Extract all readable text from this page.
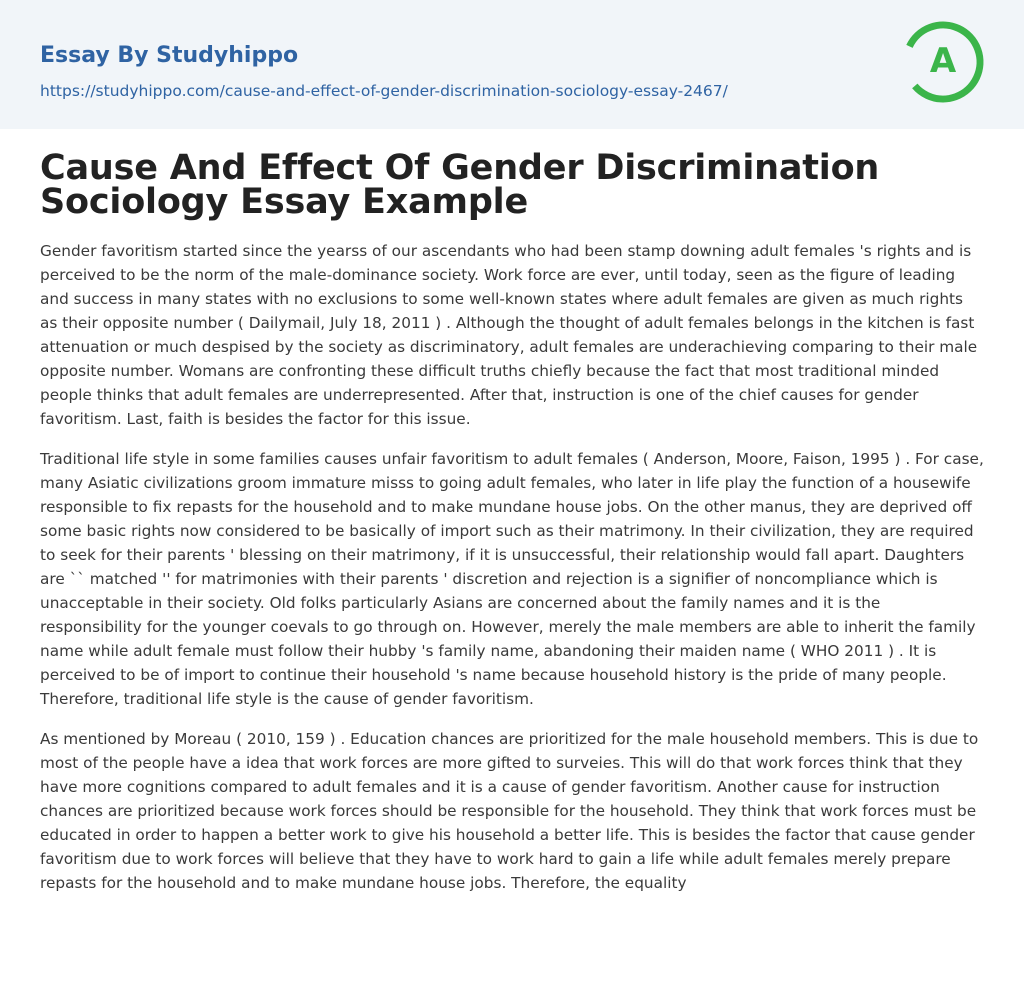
Essay By Studyhippo
https://studyhippo.com/cause-and-effect-of-gender-discrimination-sociology-essay-2467/
A
Cause And Effect Of Gender Discrimination Sociology Essay Example

Gender favoritism started since the yearss of our ascendants who had been stamp downing adult females 's rights and is perceived to be the norm of the male-dominance society. Work force are ever, until today, seen as the figure of leading and success in many states with no exclusions to some well-known states where adult females are given as much rights as their opposite number ( Dailymail, July 18, 2011 ) . Although the thought of adult females belongs in the kitchen is fast attenuation or much despised by the society as discriminatory, adult females are underachieving comparing to their male opposite number. Womans are confronting these difficult truths chiefly because the fact that most traditional minded people thinks that adult females are underrepresented. After that, instruction is one of the chief causes for gender favoritism. Last, faith is besides the factor for this issue.

Traditional life style in some families causes unfair favoritism to adult females ( Anderson, Moore, Faison, 1995 ) . For case, many Asiatic civilizations groom immature misss to going adult females, who later in life play the function of a housewife responsible to fix repasts for the household and to make mundane house jobs. On the other manus, they are deprived off some basic rights now considered to be basically of import such as their matrimony. In their civilization, they are required to seek for their parents ' blessing on their matrimony, if it is unsuccessful, their relationship would fall apart. Daughters are `` matched '' for matrimonies with their parents ' discretion and rejection is a signifier of noncompliance which is unacceptable in their society. Old folks particularly Asians are concerned about the family names and it is the responsibility for the younger coevals to go through on. However, merely the male members are able to inherit the family name while adult female must follow their hubby 's family name, abandoning their maiden name ( WHO 2011 ) . It is perceived to be of import to continue their household 's name because household history is the pride of many people. Therefore, traditional life style is the cause of gender favoritism.

As mentioned by Moreau ( 2010, 159 ) . Education chances are prioritized for the male household members. This is due to most of the people have a idea that work forces are more gifted to surveies. This will do that work forces think that they have more cognitions compared to adult females and it is a cause of gender favoritism. Another cause for instruction chances are prioritized because work forces should be responsible for the household. They think that work forces must be educated in order to happen a better work to give his household a better life. This is besides the factor that cause gender favoritism due to work forces will believe that they have to work hard to gain a life while adult females merely prepare repasts for the household and to make mundane house jobs. Therefore, the equality
